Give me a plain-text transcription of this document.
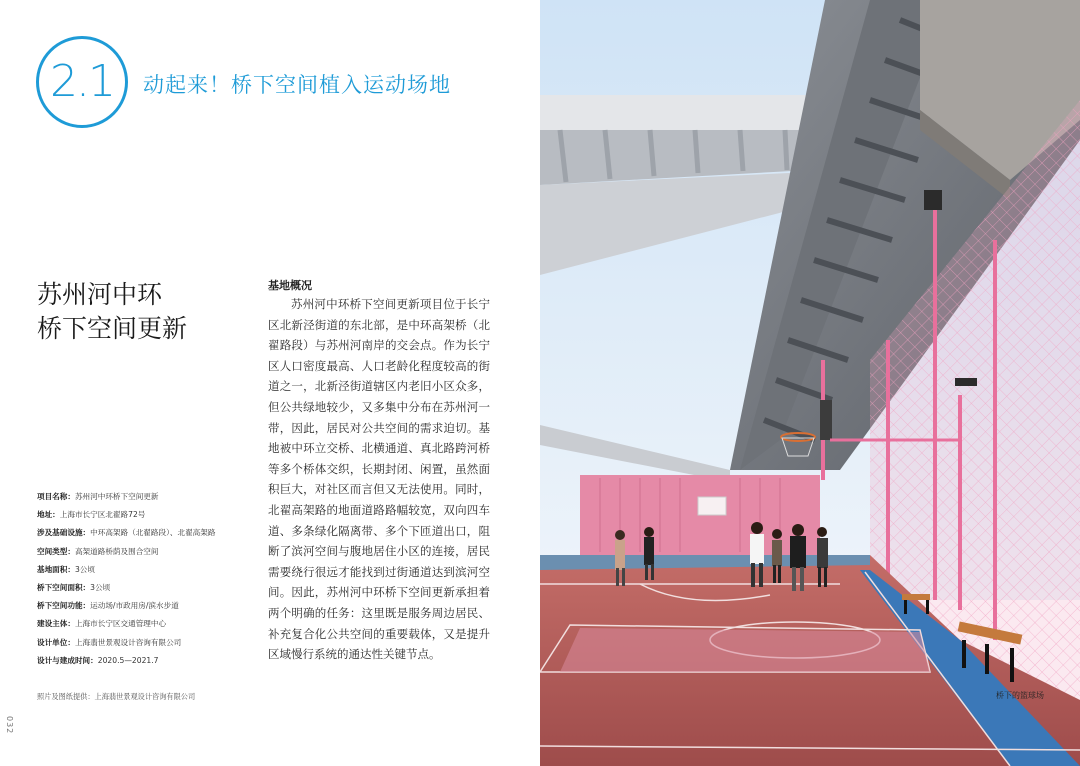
2.1	动起来！桥下空间植入运动场地
苏州河中环
桥下空间更新
基地概况
苏州河中环桥下空间更新项目位于长宁区北新泾街道的东北部，是中环高架桥（北翟路段）与苏州河南岸的交会点。作为长宁区人口密度最高、人口老龄化程度较高的街道之一，北新泾街道辖区内老旧小区众多，但公共绿地较少，又多集中分布在苏州河一带，因此，居民对公共空间的需求迫切。基地被中环立交桥、北横通道、真北路跨河桥等多个桥体交织，长期封闭、闲置，虽然面积巨大，对社区而言但又无法使用。同时，北翟高架路的地面道路路幅较宽，双向四车道、多条绿化隔离带、多个下匝道出口，阻断了滨河空间与腹地居住小区的连接，居民需要绕行很远才能找到过街通道达到滨河空间。因此，苏州河中环桥下空间更新承担着两个明确的任务：这里既是服务周边居民、补充复合化公共空间的重要载体，又是提升区域慢行系统的通达性关键节点。
项目名称：苏州河中环桥下空间更新
地址：上海市长宁区北翟路72号
涉及基础设施：中环高架路（北翟路段）、北翟高架路
空间类型：高架道路桥荫及围合空间
基地面积：3公顷
桥下空间面积：3公顷
桥下空间功能：运动场/市政用房/滨水步道
建设主体：上海市长宁区交通管理中心
设计单位：上海翡世景观设计咨询有限公司
设计与建成时间：2020.5—2021.7
照片及图纸提供：上海翡世景观设计咨询有限公司
032
桥下的篮球场
